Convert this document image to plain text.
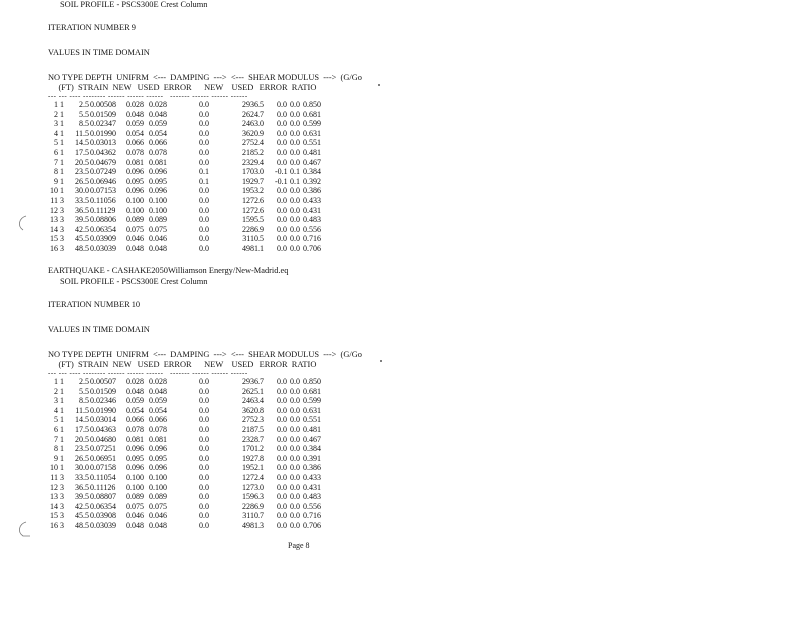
SOIL PROFILE - PSCS300E Crest Column
ITERATION NUMBER 9
VALUES IN TIME DOMAIN
NO TYPE DEPTH  UNIFRM  <---  DAMPING  --->  <---  SHEAR MODULUS  --->  (G/Go
(FT)  STRAIN  NEW   USED  ERROR      NEW    USED   ERROR  RATIO
--- --- ---- -------- ------ ------ ------   ------- ------ ------ ------
1 1	2.5 0.00508 0.028 0.028	0.0	2936.5 0.0 0.0 0.850
2 1	5.5 0.01509 0.048 0.048	0.0	2624.7 0.0 0.0 0.681
3 1	8.5 0.02347 0.059 0.059	0.0	2463.0 0.0 0.0 0.599
4 1	11.5 0.01990 0.054 0.054	0.0	3620.9 0.0 0.0 0.631
5 1	14.5 0.03013 0.066 0.066	0.0	2752.4 0.0 0.0 0.551
6 1	17.5 0.04362 0.078 0.078	0.0	2185.2 0.0 0.0 0.481
7 1	20.5 0.04679 0.081 0.081	0.0	2329.4 0.0 0.0 0.467
8 1	23.5 0.07249 0.096 0.096	0.1	1703.0 -0.1 0.1 0.384
9 1	26.5 0.06946 0.095 0.095	0.1	1929.7 -0.1 0.1 0.392
10 1	30.0 0.07153 0.096 0.096	0.0	1953.2 0.0 0.0 0.386
11 3	33.5 0.11056 0.100 0.100	0.0	1272.6 0.0 0.0 0.433
12 3	36.5 0.11129 0.100 0.100	0.0	1272.6 0.0 0.0 0.431
13 3	39.5 0.08806 0.089 0.089	0.0	1595.5 0.0 0.0 0.483
14 3	42.5 0.06354 0.075 0.075	0.0	2286.9 0.0 0.0 0.556
15 3	45.5 0.03909 0.046 0.046	0.0	3110.5 0.0 0.0 0.716
16 3	48.5 0.03039 0.048 0.048	0.0	4981.1 0.0 0.0 0.706
EARTHQUAKE - CASHAKE2050Williamson Energy/New-Madrid.eq
SOIL PROFILE - PSCS300E Crest Column
ITERATION NUMBER 10
VALUES IN TIME DOMAIN
NO TYPE DEPTH  UNIFRM  <---  DAMPING  --->  <---  SHEAR MODULUS  --->  (G/Go
(FT)  STRAIN  NEW   USED  ERROR      NEW    USED   ERROR  RATIO
--- --- ---- -------- ------ ------ ------   ------- ------ ------ ------
1 1	2.5 0.00507 0.028 0.028	0.0	2936.7 0.0 0.0 0.850
2 1	5.5 0.01509 0.048 0.048	0.0	2625.1 0.0 0.0 0.681
3 1	8.5 0.02346 0.059 0.059	0.0	2463.4 0.0 0.0 0.599
4 1	11.5 0.01990 0.054 0.054	0.0	3620.8 0.0 0.0 0.631
5 1	14.5 0.03014 0.066 0.066	0.0	2752.3 0.0 0.0 0.551
6 1	17.5 0.04363 0.078 0.078	0.0	2187.5 0.0 0.0 0.481
7 1	20.5 0.04680 0.081 0.081	0.0	2328.7 0.0 0.0 0.467
8 1	23.5 0.07251 0.096 0.096	0.0	1701.2 0.0 0.0 0.384
9 1	26.5 0.06951 0.095 0.095	0.0	1927.8 0.0 0.0 0.391
10 1	30.0 0.07158 0.096 0.096	0.0	1952.1 0.0 0.0 0.386
11 3	33.5 0.11054 0.100 0.100	0.0	1272.4 0.0 0.0 0.433
12 3	36.5 0.11126 0.100 0.100	0.0	1273.0 0.0 0.0 0.431
13 3	39.5 0.08807 0.089 0.089	0.0	1596.3 0.0 0.0 0.483
14 3	42.5 0.06354 0.075 0.075	0.0	2286.9 0.0 0.0 0.556
15 3	45.5 0.03908 0.046 0.046	0.0	3110.7 0.0 0.0 0.716
16 3	48.5 0.03039 0.048 0.048	0.0	4981.3 0.0 0.0 0.706
Page 8
